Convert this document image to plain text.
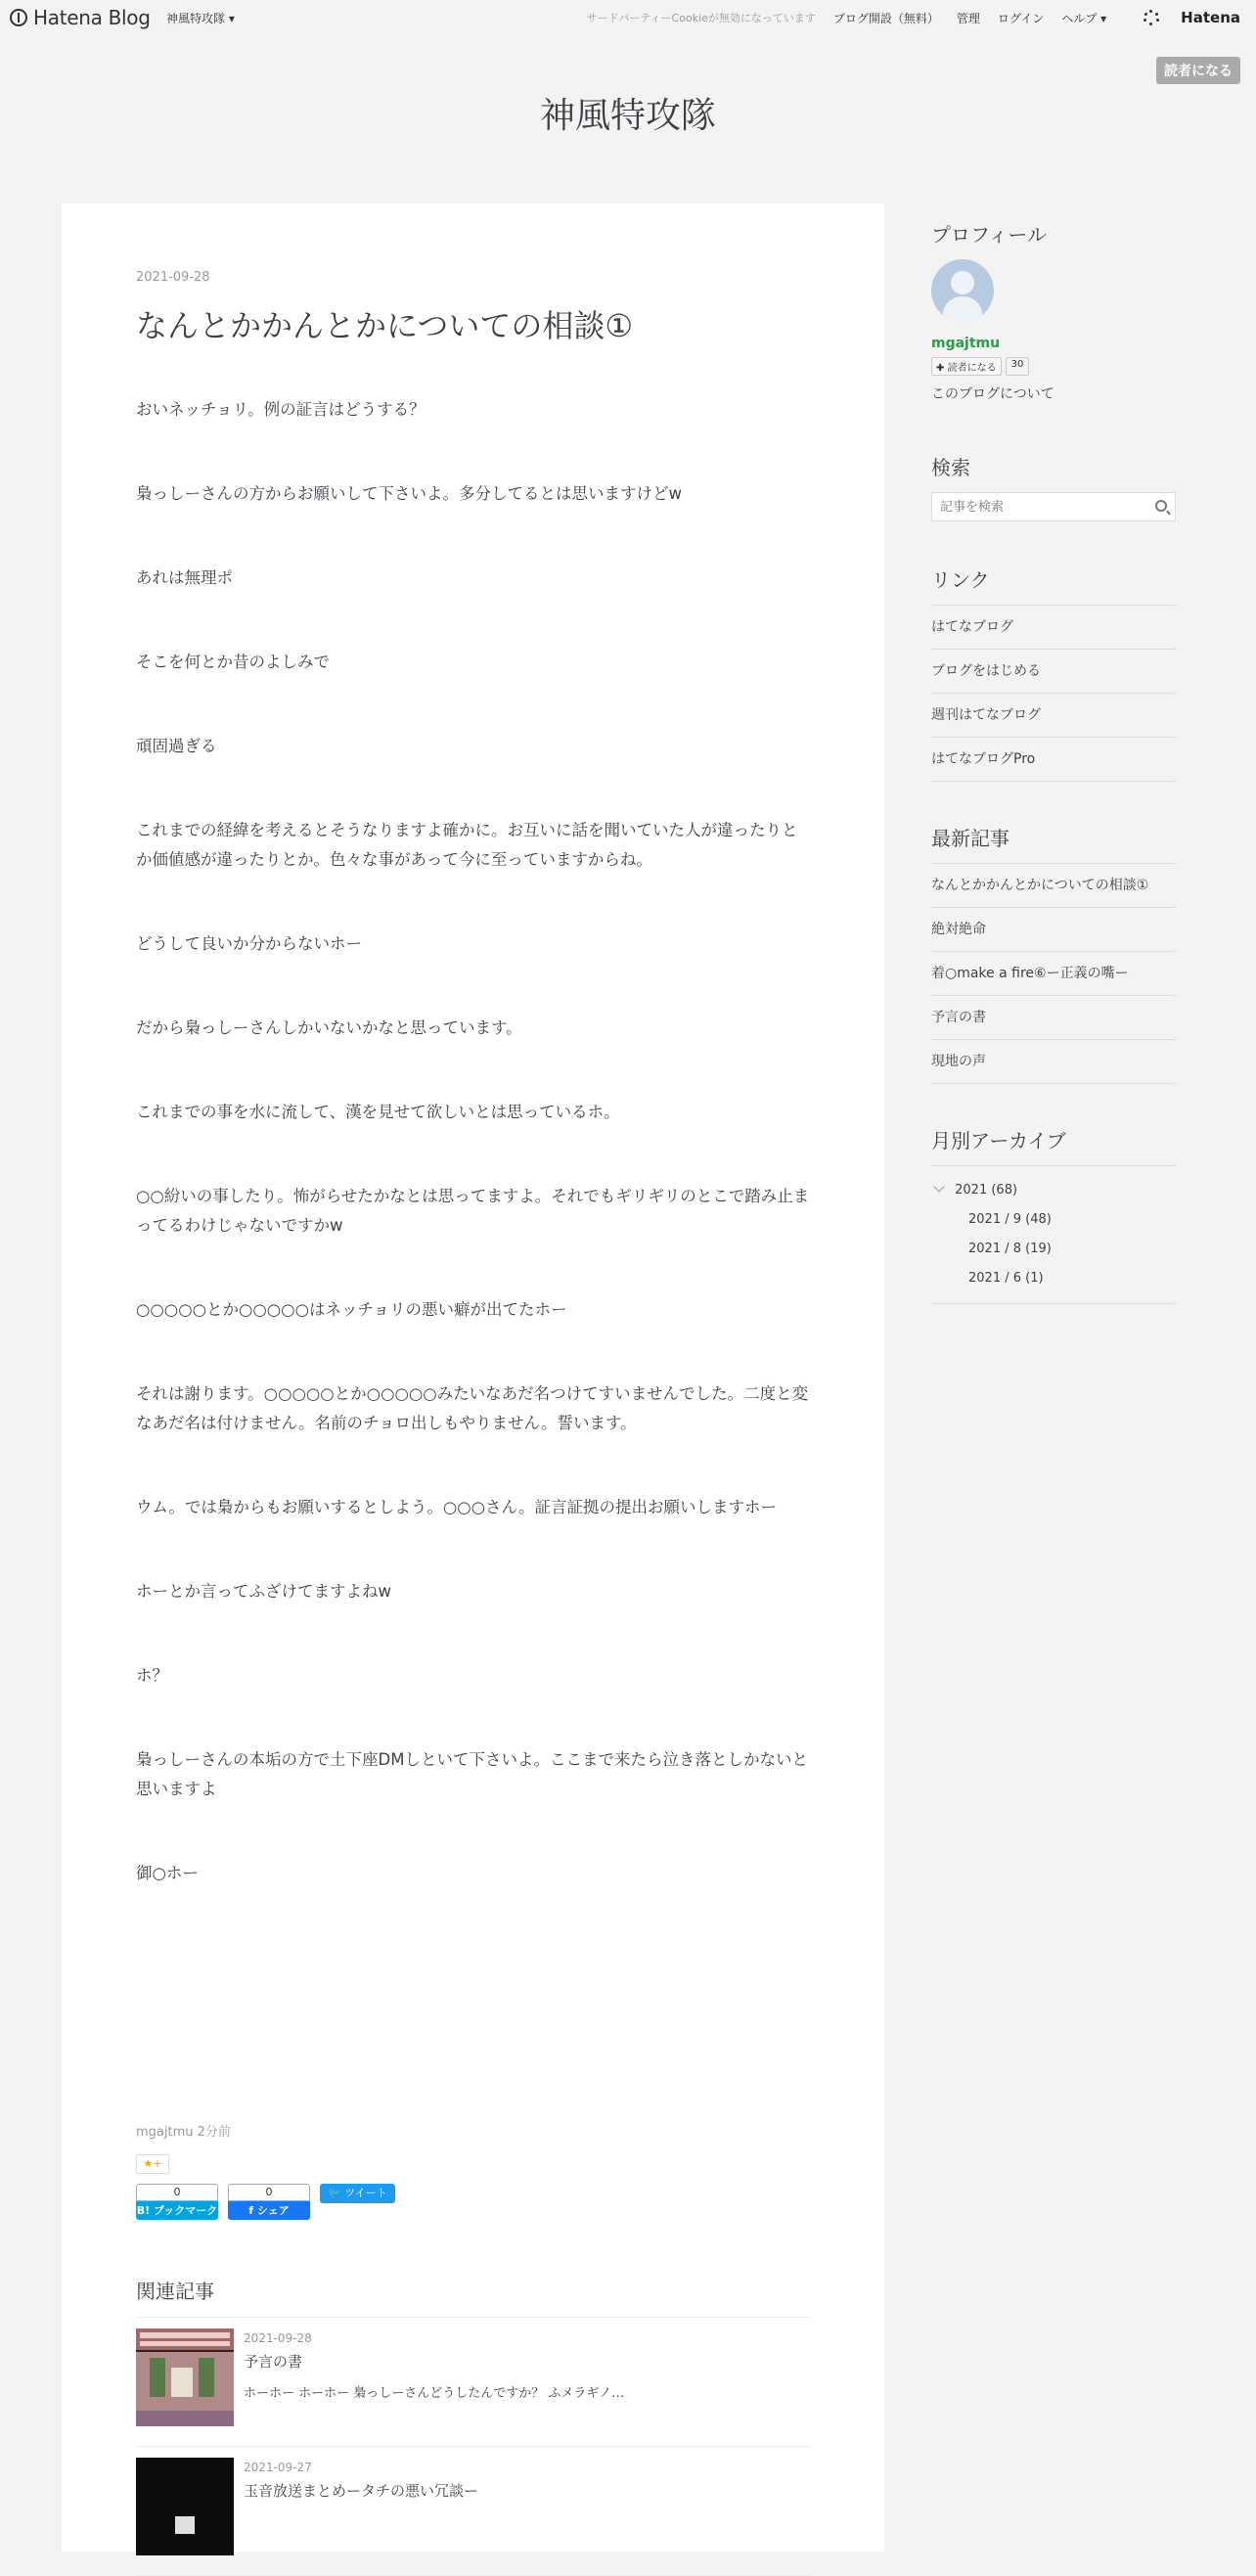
Hatena Blog 神風特攻隊 ▾	サードパーティーCookieが無効になっています ブログ開設（無料） 管理 ログイン ヘルプ ▾	Hatena
読者になる
神風特攻隊
2021-09-28
なんとかかんとかについての相談①

おいネッチョリ。例の証言はどうする？

梟っしーさんの方からお願いして下さいよ。多分してるとは思いますけどw

あれは無理ポ

そこを何とか昔のよしみで

頑固過ぎる

これまでの経緯を考えるとそうなりますよ確かに。お互いに話を聞いていた人が違ったりとか価値感が違ったりとか。色々な事があって今に至っていますからね。

どうして良いか分からないホー

だから梟っしーさんしかいないかなと思っています。

これまでの事を水に流して、漢を見せて欲しいとは思っているホ。

○○紛いの事したり。怖がらせたかなとは思ってますよ。それでもギリギリのとこで踏み止まってるわけじゃないですかw

○○○○○とか○○○○○はネッチョリの悪い癖が出てたホー

それは謝ります。○○○○○とか○○○○○みたいなあだ名つけてすいませんでした。二度と変なあだ名は付けません。名前のチョロ出しもやりません。誓います。

ウム。では梟からもお願いするとしよう。○○○さん。証言証拠の提出お願いしますホー

ホーとか言ってふざけてますよねw

ホ？

梟っしーさんの本垢の方で土下座DMしといて下さいよ。ここまで来たら泣き落としかないと思いますよ

御○ホー

mgajtmu 2分前
★+
0
B! ブックマーク
0
f シェア
🐦 ツイート
関連記事
2021-09-28
予言の書
ホーホー ホーホー 梟っしーさんどうしたんですか？ ふメラギノ…
2021-09-27
玉音放送まとめータチの悪い冗談ー
プロフィール
mgajtmu
✚ 読者になる	30
このブログについて
検索
記事を検索
リンク
はてなブログ
ブログをはじめる
週刊はてなブログ
はてなブログPro
最新記事
なんとかかんとかについての相談①
絶対絶命
着○make a fire⑥ー正義の嘴ー
予言の書
現地の声
月別アーカイブ
2021 (68)
2021 / 9 (48)
2021 / 8 (19)
2021 / 6 (1)
